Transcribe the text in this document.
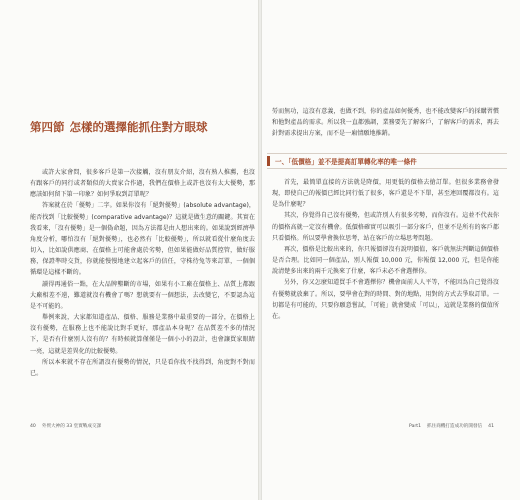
第四節 怎樣的選擇能抓住對方眼球

或許大家會問，很多客戶是第一次接觸，沒有朋友介紹，沒有熟人推薦，也沒有跟客戶的同行或者類似的大賣家合作過，我們在價格上或許也沒有太大優勢，那應該如何留下第一印象？如何爭取到訂單呢？

答案就在於「優勢」二字。如果你沒有「絕對優勢」(absolute advantage)，能否找到「比較優勢」(comparative advantage)？這就是做生意的關鍵。其實在我看來，「沒有優勢」是一個偽命題，因為方法都是由人想出來的。如果說到經濟學角度分析，哪怕沒有「絕對優勢」，也必然有「比較優勢」，所以就看從什麼角度去切入，比如說供應商、在價格上可能會處於劣勢，但如果能做好品質控管，做好服務，保證準時交貨，你就能慢慢地建立起客戶的信任，守株待兔等來訂單，一個個循環是這樣不斷的。

讀得再通俗一點，在大品牌壟斷的市場，如果有小工廠在價格上、品質上都跟大廠相差不遠，難道就沒有機會了嗎？想就要有一個想法，去改變它，不要認為這是不可能的。

舉例來說，大家都知道產品、價格、服務是業務中最重要的一部分，在價格上沒有優勢，在服務上也不能說比對手更好，那產品本身呢？在品質差不多的情況下，是否有什麼別人沒有的？有時候就算僅僅是一個小小的設計，也會讓買家眼睛一亮，這就是差異化的比較優勢。

所以本來就不存在所謂沒有優勢的情況，只是看你找不找得到，角度對不對而已。

40 外貿大神的 33 堂實戰成交課

勞而無功，這沒有意義，也做不到，你的產品如何優秀，也不能改變客戶的採購習慣和他對產品的需求。所以我一直都強調，業務要先了解客戶，了解客戶的需求，再去針對需求提出方案，而不是一廂情願地推銷。

一、「低價格」並不是提高訂單轉化率的唯一條件

首先，最簡單直接的方法就是降價，用更低的價格去搶訂單。但很多業務會發現，即使自己的報價已經比同行低了很多，客戶還是不下單，甚至連回覆都沒有。這是為什麼呢？

其次，你覺得自己沒有優勢，但或許別人有很多劣勢，而你沒有。這並不代表你的價格高就一定沒有機會。低價格確實可以吸引一部分客戶，但並不是所有的客戶都只看價格。所以要學會換位思考，站在客戶的立場思考問題。

再次，價格是比較出來的，你只報價卻沒有說明價值，客戶就無法判斷這個價格是否合理。比如同一個產品，別人報價 10,000 元，你報價 12,000 元，但是你能說清楚多出來的兩千元換來了什麼，客戶未必不會選擇你。

另外，你又怎麼知道買手不會選擇你？機會面前人人平等，不能因為自己覺得沒有優勢就放棄了。所以，要學會在對的時間、對的地點，用對的方式去爭取訂單。一切都是有可能的，只要你願意嘗試，「可能」就會變成「可以」，這就是業務的價值所在。

Part1 抓住商機打造成功的開發信 41
